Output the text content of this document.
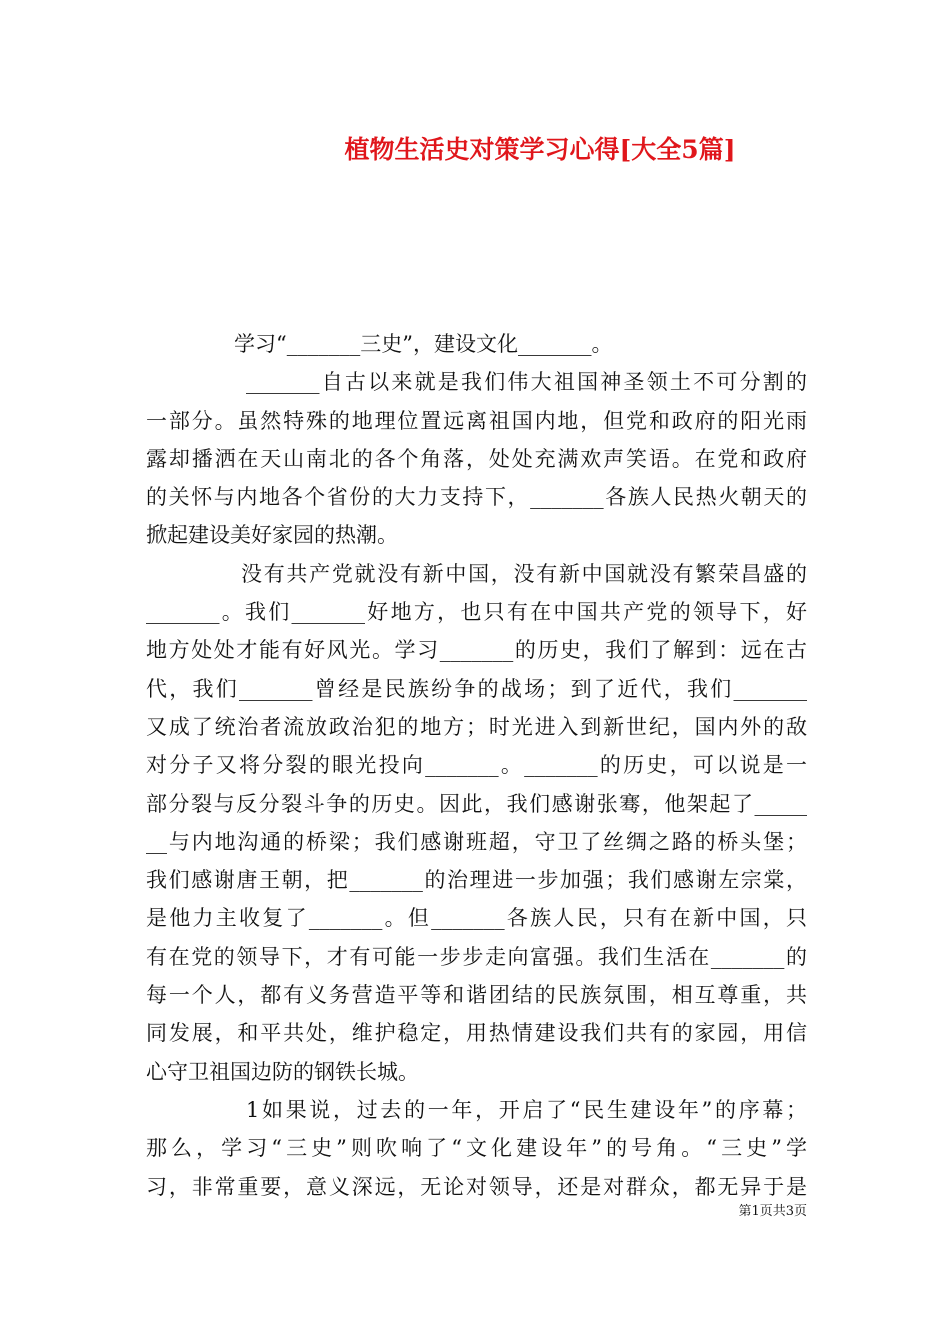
植物生活史对策学习心得[大全5篇]
学习“_______三史”，建设文化_______。
_______自古以来就是我们伟大祖国神圣领土不可分割的
一部分。虽然特殊的地理位置远离祖国内地，但党和政府的阳光雨
露却播洒在天山南北的各个角落，处处充满欢声笑语。在党和政府
的关怀与内地各个省份的大力支持下，_______各族人民热火朝天的
掀起建设美好家园的热潮。
没有共产党就没有新中国，没有新中国就没有繁荣昌盛的
_______。我们_______好地方，也只有在中国共产党的领导下，好
地方处处才能有好风光。学习_______的历史，我们了解到：远在古
代，我们_______曾经是民族纷争的战场；到了近代，我们_______
又成了统治者流放政治犯的地方；时光进入到新世纪，国内外的敌
对分子又将分裂的眼光投向_______。_______的历史，可以说是一
部分裂与反分裂斗争的历史。因此，我们感谢张骞，他架起了_____
__与内地沟通的桥梁；我们感谢班超，守卫了丝绸之路的桥头堡；
我们感谢唐王朝，把_______的治理进一步加强；我们感谢左宗棠，
是他力主收复了_______。但_______各族人民，只有在新中国，只
有在党的领导下，才有可能一步步走向富强。我们生活在_______的
每一个人，都有义务营造平等和谐团结的民族氛围，相互尊重，共
同发展，和平共处，维护稳定，用热情建设我们共有的家园，用信
心守卫祖国边防的钢铁长城。
1如果说，过去的一年，开启了“民生建设年”的序幕；
那么，学习“三史”则吹响了“文化建设年”的号角。“三史”学
习，非常重要，意义深远，无论对领导，还是对群众，都无异于是
第1页共3页
